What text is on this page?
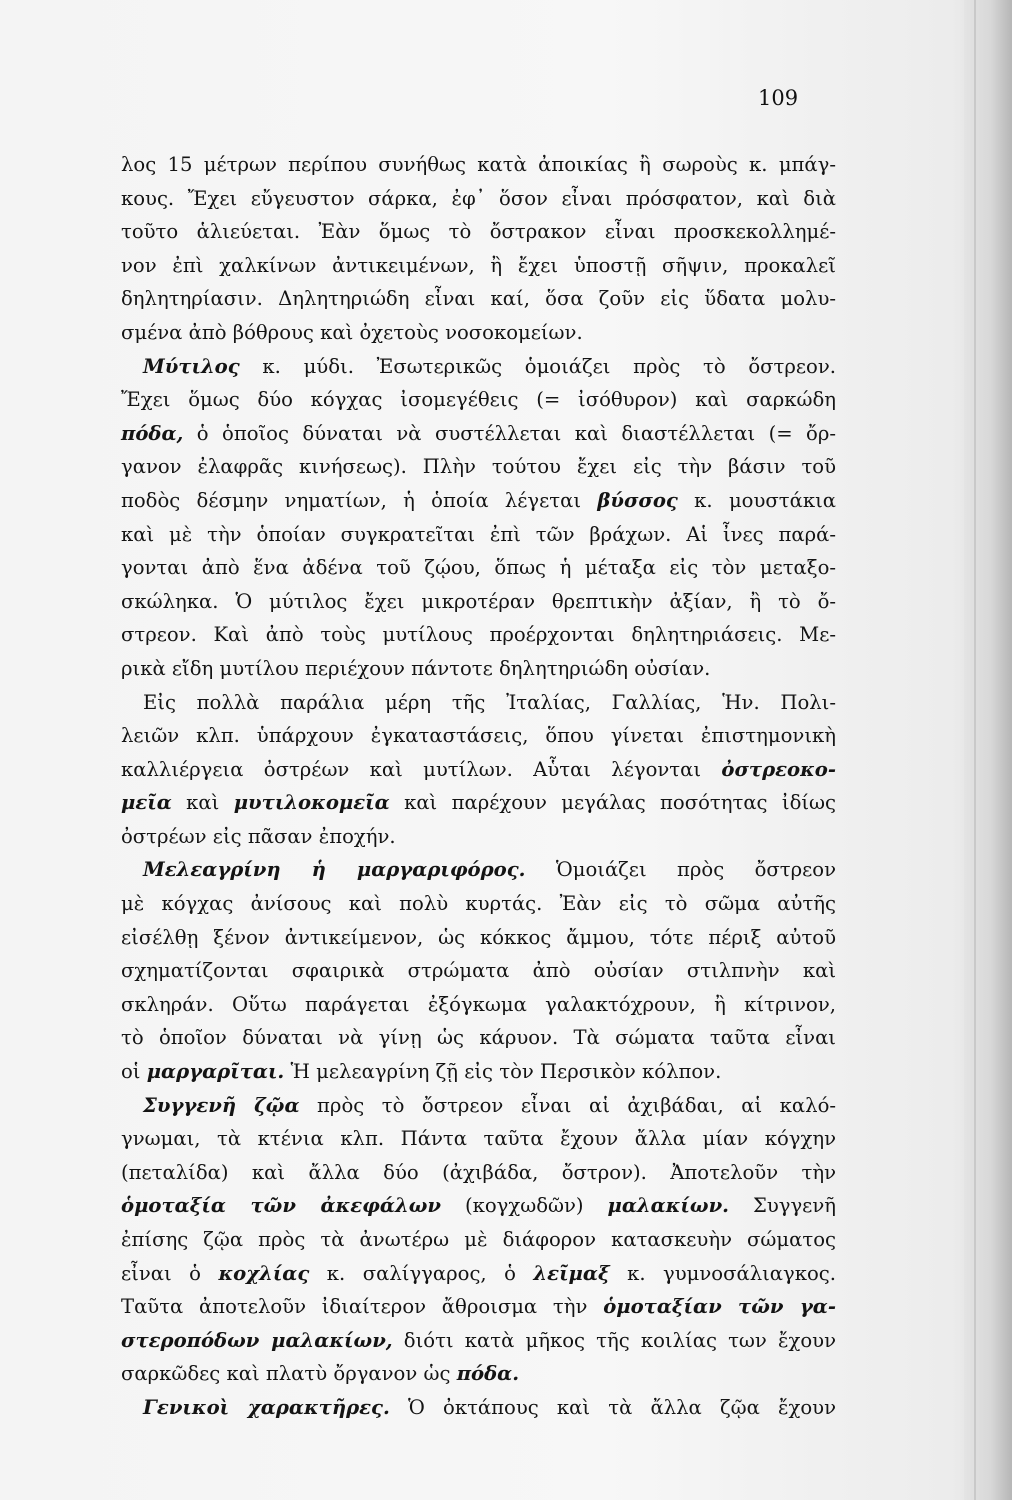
109
λος 15 μέτρων περίπου συνήθως κατὰ ἀποικίας ἢ σωροὺς κ. μπάγ-
κους. Ἔχει εὔγευστον σάρκα, ἐφ᾽ ὅσον εἶναι πρόσφατον, καὶ διὰ
τοῦτο ἁλιεύεται. Ἐὰν ὅμως τὸ ὄστρακον εἶναι προσκεκολλημέ-
νον ἐπὶ χαλκίνων ἀντικειμένων, ἢ ἔχει ὑποστῇ σῆψιν, προκαλεῖ
δηλητηρίασιν. Δηλητηριώδη εἶναι καί, ὅσα ζοῦν εἰς ὕδατα μολυ-
σμένα ἀπὸ βόθρους καὶ ὀχετοὺς νοσοκομείων.
Μύτιλος κ. μύδι. Ἐσωτερικῶς ὁμοιάζει πρὸς τὸ ὄστρεον.
Ἔχει ὅμως δύο κόγχας ἰσομεγέθεις (= ἰσόθυρον) καὶ σαρκώδη
πόδα, ὁ ὁποῖος δύναται νὰ συστέλλεται καὶ διαστέλλεται (= ὄρ-
γανον ἐλαφρᾶς κινήσεως). Πλὴν τούτου ἔχει εἰς τὴν βάσιν τοῦ
ποδὸς δέσμην νηματίων, ἡ ὁποία λέγεται βύσσος κ. μουστάκια
καὶ μὲ τὴν ὁποίαν συγκρατεῖται ἐπὶ τῶν βράχων. Αἱ ἶνες παρά-
γονται ἀπὸ ἕνα ἀδένα τοῦ ζῴου, ὅπως ἡ μέταξα εἰς τὸν μεταξο-
σκώληκα. Ὁ μύτιλος ἔχει μικροτέραν θρεπτικὴν ἀξίαν, ἢ τὸ ὄ-
στρεον. Καὶ ἀπὸ τοὺς μυτίλους προέρχονται δηλητηριάσεις. Με-
ρικὰ εἴδη μυτίλου περιέχουν πάντοτε δηλητηριώδη οὐσίαν.
Εἰς πολλὰ παράλια μέρη τῆς Ἰταλίας, Γαλλίας, Ἡν. Πολι-
λειῶν κλπ. ὑπάρχουν ἐγκαταστάσεις, ὅπου γίνεται ἐπιστημονικὴ
καλλιέργεια ὀστρέων καὶ μυτίλων. Αὗται λέγονται ὀστρεοκο-
μεῖα καὶ μυτιλοκομεῖα καὶ παρέχουν μεγάλας ποσότητας ἰδίως
ὀστρέων εἰς πᾶσαν ἐποχήν.
Μελεαγρίνη ἡ μαργαριφόρος. Ὁμοιάζει πρὸς ὄστρεον
μὲ κόγχας ἀνίσους καὶ πολὺ κυρτάς. Ἐὰν εἰς τὸ σῶμα αὐτῆς
εἰσέλθῃ ξένον ἀντικείμενον, ὡς κόκκος ἄμμου, τότε πέριξ αὐτοῦ
σχηματίζονται σφαιρικὰ στρώματα ἀπὸ οὐσίαν στιλπνὴν καὶ
σκληράν. Οὕτω παράγεται ἐξόγκωμα γαλακτόχρουν, ἢ κίτρινον,
τὸ ὁποῖον δύναται νὰ γίνῃ ὡς κάρυον. Τὰ σώματα ταῦτα εἶναι
οἱ μαργαρῖται. Ἡ μελεαγρίνη ζῇ εἰς τὸν Περσικὸν κόλπον.
Συγγενῆ ζῷα πρὸς τὸ ὄστρεον εἶναι αἱ ἀχιβάδαι, αἱ καλό-
γνωμαι, τὰ κτένια κλπ. Πάντα ταῦτα ἔχουν ἄλλα μίαν κόγχην
(πεταλίδα) καὶ ἄλλα δύο (ἀχιβάδα, ὄστρον). Ἀποτελοῦν τὴν
ὁμοταξία τῶν ἀκεφάλων (κογχωδῶν) μαλακίων. Συγγενῆ
ἐπίσης ζῷα πρὸς τὰ ἀνωτέρω μὲ διάφορον κατασκευὴν σώματος
εἶναι ὁ κοχλίας κ. σαλίγγαρος, ὁ λεῖμαξ κ. γυμνοσάλιαγκος.
Ταῦτα ἀποτελοῦν ἰδιαίτερον ἄθροισμα τὴν ὁμοταξίαν τῶν γα-
στεροπόδων μαλακίων, διότι κατὰ μῆκος τῆς κοιλίας των ἔχουν
σαρκῶδες καὶ πλατὺ ὄργανον ὡς πόδα.
Γενικοὶ χαρακτῆρες. Ὁ ὀκτάπους καὶ τὰ ἄλλα ζῷα ἔχουν
